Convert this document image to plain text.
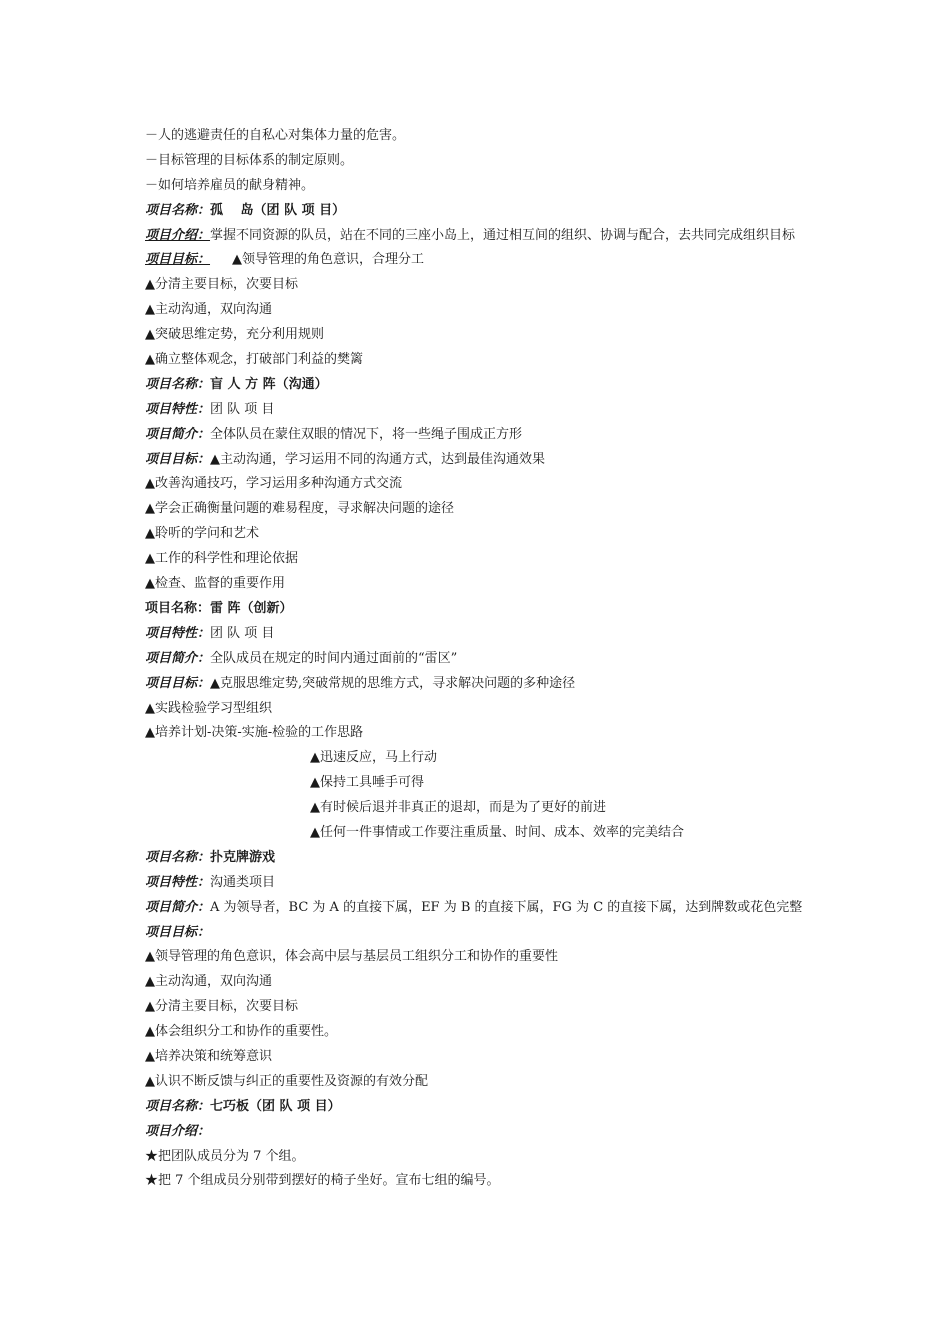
－人的逃避责任的自私心对集体力量的危害。
－目标管理的目标体系的制定原则。
－如何培养雇员的献身精神。
项目名称：孤　 岛（团 队 项 目）
项目介绍：掌握不同资源的队员，站在不同的三座小岛上，通过相互间的组织、协调与配合，去共同完成组织目标
项目目标： ▲领导管理的角色意识，合理分工
▲分清主要目标，次要目标
▲主动沟通，双向沟通
▲突破思维定势，充分利用规则
▲确立整体观念，打破部门利益的樊篱
项目名称：盲 人 方 阵（沟通）
项目特性：团 队 项 目
项目简介：全体队员在蒙住双眼的情况下，将一些绳子围成正方形
项目目标：▲主动沟通，学习运用不同的沟通方式，达到最佳沟通效果
▲改善沟通技巧，学习运用多种沟通方式交流
▲学会正确衡量问题的难易程度，寻求解决问题的途径
▲聆听的学问和艺术
▲工作的科学性和理论依据
▲检查、监督的重要作用
项目名称：雷 阵（创新）
项目特性：团 队 项 目
项目简介：全队成员在规定的时间内通过面前的“雷区”
项目目标：▲克服思维定势,突破常规的思维方式，寻求解决问题的多种途径
▲实践检验学习型组织
▲培养计划-决策-实施-检验的工作思路
▲迅速反应，马上行动
▲保持工具唾手可得
▲有时候后退并非真正的退却，而是为了更好的前进
▲任何一件事情或工作要注重质量、时间、成本、效率的完美结合
项目名称：扑克牌游戏
项目特性：沟通类项目
项目简介：A 为领导者，BC 为 A 的直接下属，EF 为 B 的直接下属，FG 为 C 的直接下属，达到牌数或花色完整
项目目标：
▲领导管理的角色意识，体会高中层与基层员工组织分工和协作的重要性
▲主动沟通，双向沟通
▲分清主要目标，次要目标
▲体会组织分工和协作的重要性。
▲培养决策和统筹意识
▲认识不断反馈与纠正的重要性及资源的有效分配
项目名称：七巧板（团 队 项 目）
项目介绍：
★把团队成员分为 7 个组。
★把 7 个组成员分别带到摆好的椅子坐好。宣布七组的编号。
